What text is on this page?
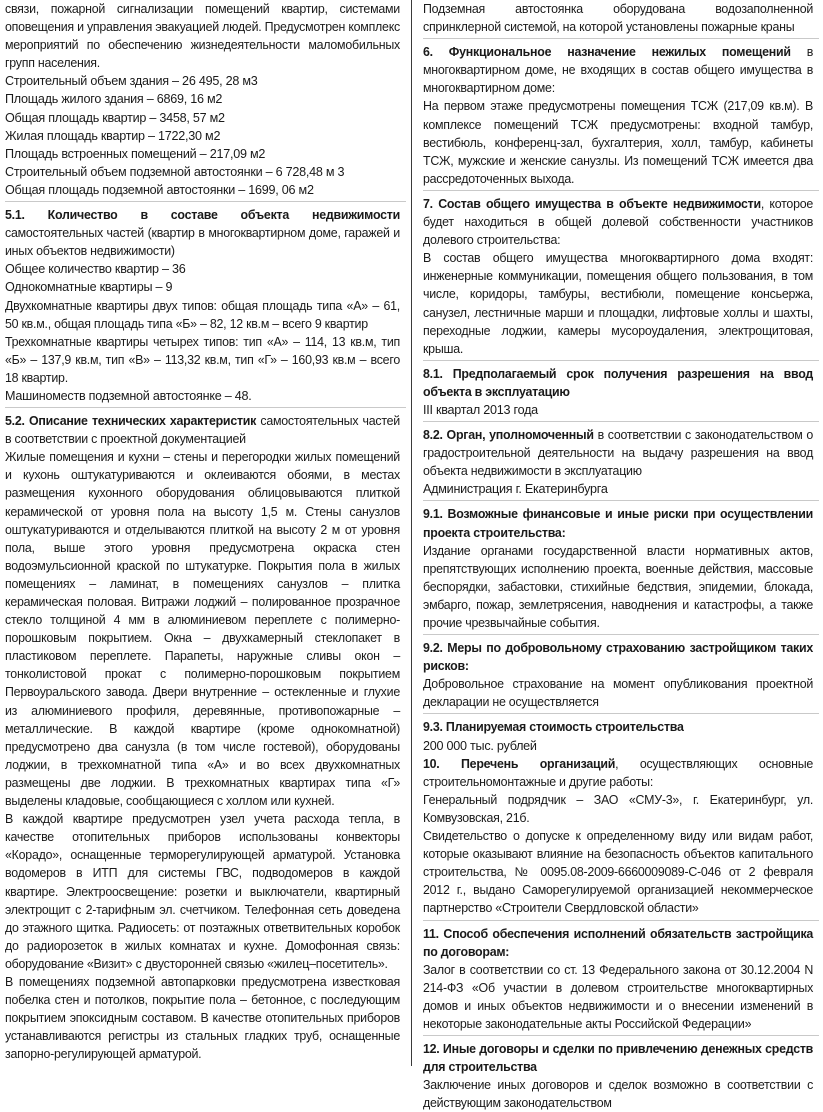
связи, пожарной сигнализации помещений квартир, системами оповещения и управления эвакуацией людей. Предусмотрен комплекс мероприятий по обеспечению жизнедеятельности маломобильных групп населения.

Строительный объем здания – 26 495, 28 м3

Площадь жилого здания – 6869, 16 м2

Общая площадь квартир – 3458, 57 м2

Жилая площадь квартир – 1722,30 м2

Площадь встроенных помещений – 217,09 м2

Строительный объем подземной автостоянки – 6 728,48 м 3

Общая площадь подземной автостоянки – 1699, 06 м2

5.1. Количество в составе объекта недвижимости самостоятельных частей (квартир в многоквартирном доме, гаражей и иных объектов недвижимости)

Общее количество квартир – 36

Однокомнатные квартиры – 9

Двухкомнатные квартиры двух типов: общая площадь типа «А» – 61, 50 кв.м., общая площадь типа «Б» – 82, 12 кв.м – всего 9 квартир

Трехкомнатные квартиры четырех типов: тип «А» – 114, 13 кв.м, тип «Б» – 137,9 кв.м, тип «В» – 113,32 кв.м, тип «Г» – 160,93 кв.м – всего 18 квартир.

Машиноместв подземной автостоянке – 48.

5.2. Описание технических характеристик самостоятельных частей в соответствии с проектной документацией

Жилые помещения и кухни – стены и перегородки жилых помещений и кухонь оштукатуриваются и оклеиваются обоями, в местах размещения кухонного оборудования облицовываются плиткой керамической от уровня пола на высоту 1,5 м. Стены санузлов оштукатуриваются и отделываются плиткой на высоту 2 м от уровня пола, выше этого уровня предусмотрена окраска стен водоэмульсионной краской по штукатурке. Покрытия пола в жилых помещениях – ламинат, в помещениях санузлов – плитка керамическая половая. Витражи лоджий – полированное прозрачное стекло толщиной 4 мм в алюминиевом переплете с полимерно-порошковым покрытием. Окна – двухкамерный стеклопакет в пластиковом переплете. Парапеты, наружные сливы окон – тонколистовой прокат с полимерно-порошковым покрытием Первоуральского завода. Двери внутренние – остекленные и глухие из алюминиевого профиля, деревянные, противопожарные – металлические. В каждой квартире (кроме однокомнатной) предусмотрено два санузла (в том числе гостевой), оборудованы лоджии, в трехкомнатной типа «А» и во всех двухкомнатных размещены две лоджии. В трехкомнатных квартирах типа «Г» выделены кладовые, сообщающиеся с холлом или кухней.

В каждой квартире предусмотрен узел учета расхода тепла, в качестве отопительных приборов использованы конвекторы «Корадо», оснащенные терморегулирующей арматурой. Установка водомеров в ИТП для системы ГВС, подводомеров в каждой квартире. Электроосвещение: розетки и выключатели, квартирный электрощит с 2-тарифным эл. счетчиком. Телефонная сеть доведена до этажного щитка. Радиосеть: от поэтажных ответвительных коробок до радиорозеток в жилых комнатах и кухне. Домофонная связь: оборудование «Визит» с двусторонней связью «жилец–посетитель».

В помещениях подземной автопарковки предусмотрена известковая побелка стен и потолков, покрытие пола – бетонное, с последующим покрытием эпоксидным составом. В качестве отопительных приборов устанавливаются регистры из стальных гладких труб, оснащенные запорно-регулирующей арматурой.

Подземная автостоянка оборудована водозаполненной спринклерной системой, на которой установлены пожарные краны

6. Функциональное назначение нежилых помещений в многоквартирном доме, не входящих в состав общего имущества в многоквартирном доме:

На первом этаже предусмотрены помещения ТСЖ (217,09 кв.м). В комплексе помещений ТСЖ предусмотрены: входной тамбур, вестибюль, конференц-зал, бухгалтерия, холл, тамбур, кабинеты ТСЖ, мужские и женские санузлы. Из помещений ТСЖ имеется два рассредоточенных выхода.

7. Состав общего имущества в объекте недвижимости, которое будет находиться в общей долевой собственности участников долевого строительства:

В состав общего имущества многоквартирного дома входят: инженерные коммуникации, помещения общего пользования, в том числе, коридоры, тамбуры, вестибюли, помещение консьержа, санузел, лестничные марши и площадки, лифтовые холлы и шахты, переходные лоджии, камеры мусороудаления, электрощитовая, крыша.

8.1. Предполагаемый срок получения разрешения на ввод объекта в эксплуатацию

III квартал 2013 года

8.2. Орган, уполномоченный в соответствии с законодательством о градостроительной деятельности на выдачу разрешения на ввод объекта недвижимости в эксплуатацию

Администрация г. Екатеринбурга

9.1. Возможные финансовые и иные риски при осуществлении проекта строительства:

Издание органами государственной власти нормативных актов, препятствующих исполнению проекта, военные действия, массовые беспорядки, забастовки, стихийные бедствия, эпидемии, блокада, эмбарго, пожар, землетрясения, наводнения и катастрофы, а также прочие чрезвычайные события.

9.2. Меры по добровольному страхованию застройщиком таких рисков:

Добровольное страхование на момент опубликования проектной декларации не осуществляется

9.3. Планируемая стоимость строительства

200 000 тыс. рублей

10. Перечень организаций, осуществляющих основные строительномонтажные и другие работы:

Генеральный подрядчик – ЗАО «СМУ-3», г. Екатеринбург, ул. Комвузовская, 21б.

Свидетельство о допуске к определенному виду или видам работ, которые оказывают влияние на безопасность объектов капитального строительства, № 0095.08-2009-6660009089-С-046 от 2 февраля 2012 г., выдано Саморегулируемой организацией некоммерческое партнерство «Строители Свердловской области»

11. Способ обеспечения исполнений обязательств застройщика по договорам:

Залог в соответствии со ст. 13 Федерального закона от 30.12.2004 N 214-ФЗ «Об участии в долевом строительстве многоквартирных домов и иных объектов недвижимости и о внесении изменений в некоторые законодательные акты Российской Федерации»

12. Иные договоры и сделки по привлечению денежных средств для строительства

Заключение иных договоров и сделок возможно в соответствии с действующим законодательством
